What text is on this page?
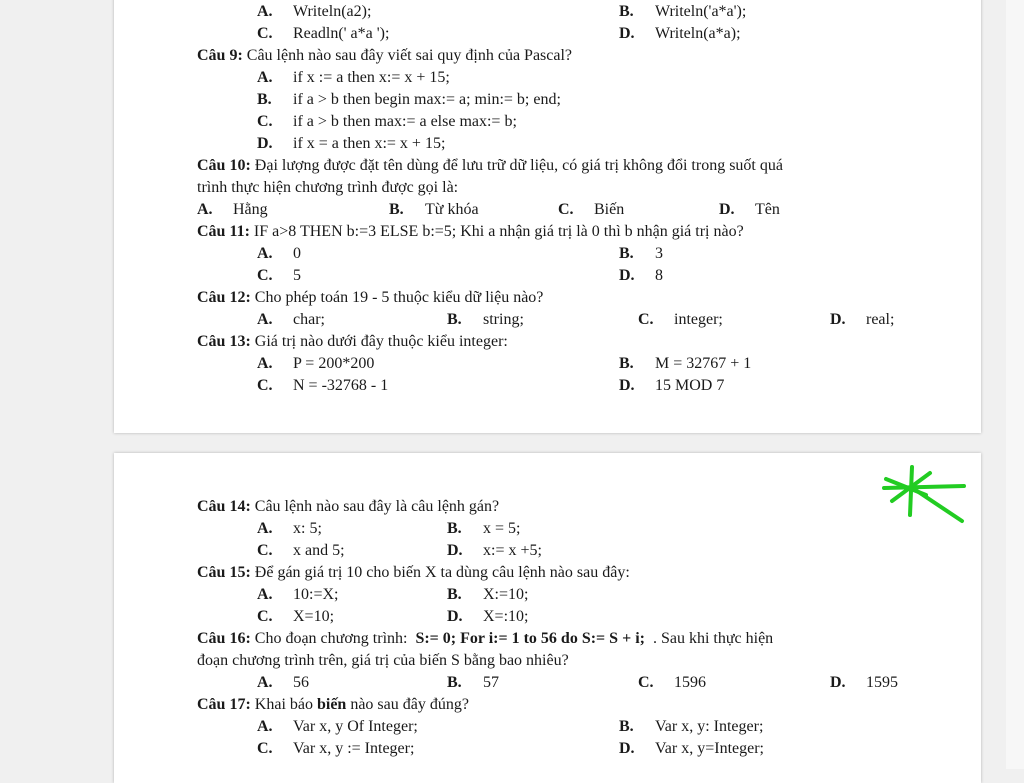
A. Writeln(a2);	B. Writeln('a*a');
C. Readln(' a*a ');	D. Writeln(a*a);
Câu 9: Câu lệnh nào sau đây viết sai quy định của Pascal?
A. if x := a then x:= x + 15;
B. if a > b then begin max:= a; min:= b; end;
C. if a > b then max:= a else max:= b;
D. if x = a then x:= x + 15;
Câu 10: Đại lượng được đặt tên dùng để lưu trữ dữ liệu, có giá trị không đổi trong suốt quá
trình thực hiện chương trình được gọi là:
A. Hằng	B. Từ khóa	C. Biến	D. Tên
Câu 11: IF a>8 THEN b:=3 ELSE b:=5; Khi a nhận giá trị là 0 thì b nhận giá trị nào?
A. 0	B. 3
C. 5	D. 8
Câu 12: Cho phép toán 19 - 5 thuộc kiểu dữ liệu nào?
A. char;	B. string;	C. integer;	D. real;
Câu 13: Giá trị nào dưới đây thuộc kiểu integer:
A. P = 200*200	B. M = 32767 + 1
C. N = -32768 - 1	D. 15 MOD 7
Câu 14: Câu lệnh nào sau đây là câu lệnh gán?
A. x: 5;	B. x = 5;
C. x and 5;	D. x:= x +5;
Câu 15: Để gán giá trị 10 cho biến X ta dùng câu lệnh nào sau đây:
A. 10:=X;	B. X:=10;
C. X=10;	D. X=:10;
Câu 16: Cho đoạn chương trình: S:= 0; For i:= 1 to 56 do S:= S + i; . Sau khi thực hiện
đoạn chương trình trên, giá trị của biến S bằng bao nhiêu?
A. 56	B. 57	C. 1596	D. 1595
Câu 17: Khai báo biến nào sau đây đúng?
A. Var x, y Of Integer;	B. Var x, y: Integer;
C. Var x, y := Integer;	D. Var x, y=Integer;
